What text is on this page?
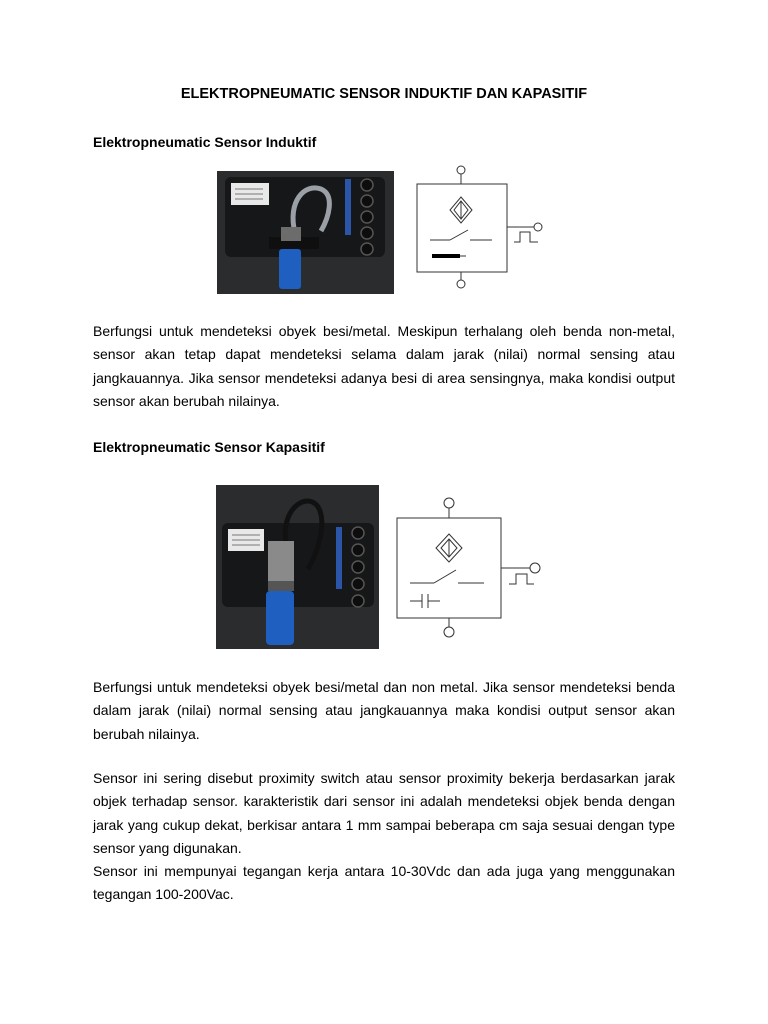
ELEKTROPNEUMATIC SENSOR INDUKTIF DAN KAPASITIF
Elektropneumatic Sensor Induktif
Berfungsi untuk mendeteksi obyek besi/metal. Meskipun terhalang oleh benda non-metal, sensor akan tetap dapat mendeteksi selama dalam jarak (nilai) normal sensing atau jangkauannya. Jika sensor mendeteksi adanya besi di area sensingnya, maka kondisi output sensor akan berubah nilainya.
Elektropneumatic Sensor Kapasitif
Berfungsi untuk mendeteksi obyek besi/metal dan non metal. Jika sensor mendeteksi benda dalam jarak (nilai) normal sensing atau jangkauannya maka kondisi output sensor akan berubah nilainya.
Sensor ini sering disebut proximity switch atau sensor proximity bekerja berdasarkan jarak objek terhadap sensor. karakteristik dari sensor ini adalah mendeteksi objek benda dengan jarak yang cukup dekat, berkisar antara 1 mm sampai beberapa cm saja sesuai dengan type sensor yang digunakan.
Sensor ini mempunyai tegangan kerja antara 10-30Vdc dan ada juga yang menggunakan tegangan 100-200Vac.
